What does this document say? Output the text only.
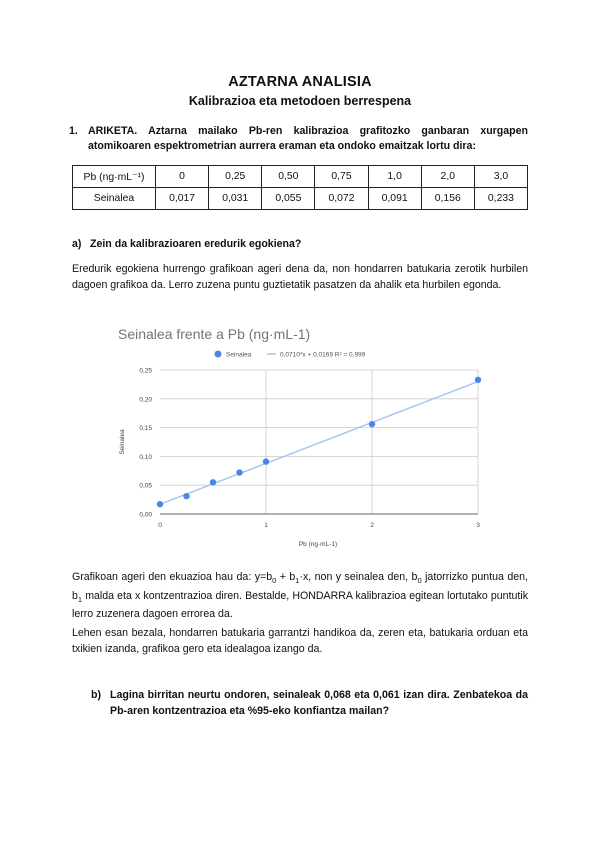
AZTARNA ANALISIA
Kalibrazioa eta metodoen berrespena
1. ARIKETA. Aztarna mailako Pb-ren kalibrazioa grafitozko ganbaran xurgapen atomikoaren espektrometrian aurrera eraman eta ondoko emaitzak lortu dira:
Pb (ng·mL⁻¹)	0	0,25	0,50	0,75	1,0	2,0	3,0
Seinalea	0,017	0,031	0,055	0,072	0,091	0,156	0,233
a) Zein da kalibrazioaren eredurik egokiena?
Eredurik egokiena hurrengo grafikoan ageri dena da, non hondarren batukaria zerotik hurbilen dagoen grafikoa da. Lerro zuzena puntu guztietatik pasatzen da ahalik eta hurbilen egonda.
Seinalea frente a Pb (ng·mL-1)
Seinalea	0,0710*x + 0,0169 R² = 0,999
0,00
0,05
0,10
0,15
0,20
0,25
0	1	2	3
Pb (ng·mL-1)
Seinalea
Grafikoan ageri den ekuazioa hau da: $y=b_0 + b_1\cdot x$, non y seinalea den, $b_0$ jatorrizko puntua den, $b_1$ malda eta x kontzentrazioa diren. Bestalde, HONDARRA kalibrazioa egitean lortutako puntutik lerro zuzenera dagoen errorea da.
Lehen esan bezala, hondarren batukaria garrantzi handikoa da, zeren eta, batukaria orduan eta txikien izanda, grafikoa gero eta idealagoa izango da.
b) Lagina birritan neurtu ondoren, seinaleak 0,068 eta 0,061 izan dira. Zenbatekoa da Pb-aren kontzentrazioa eta %95-eko konfiantza mailan?
